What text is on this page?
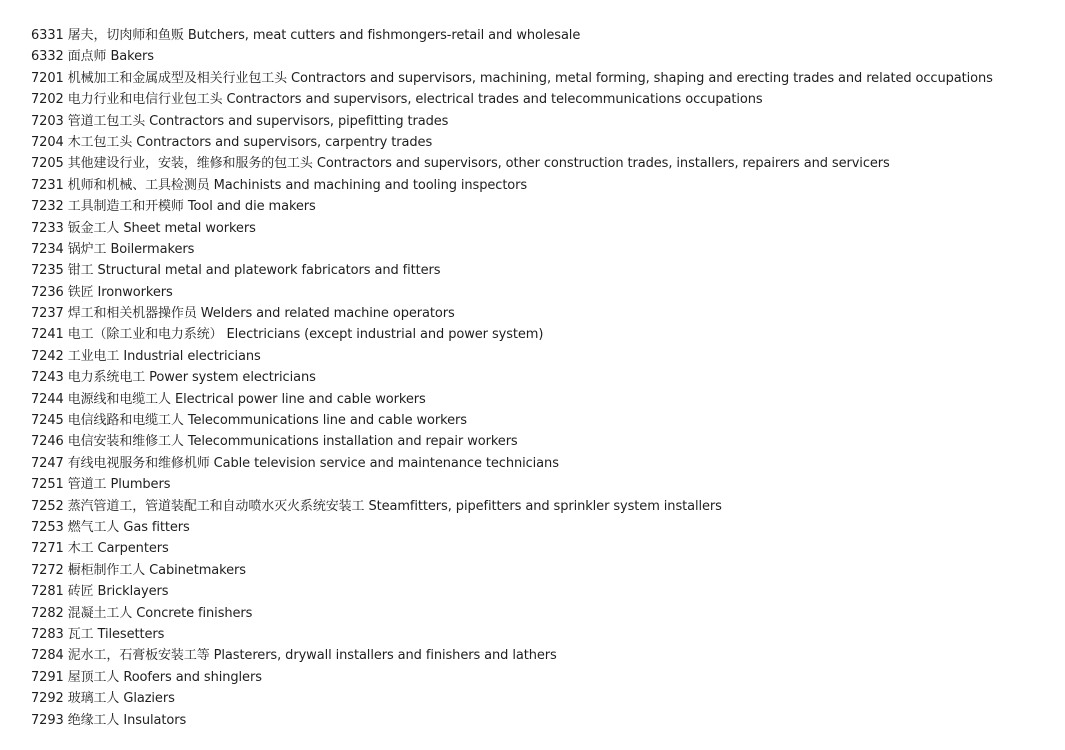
6331 屠夫，切肉师和鱼贩 Butchers, meat cutters and fishmongers-retail and wholesale
6332 面点师 Bakers
7201 机械加工和金属成型及相关行业包工头 Contractors and supervisors, machining, metal forming, shaping and erecting trades and related occupations
7202 电力行业和电信行业包工头 Contractors and supervisors, electrical trades and telecommunications occupations
7203 管道工包工头 Contractors and supervisors, pipefitting trades
7204 木工包工头 Contractors and supervisors, carpentry trades
7205 其他建设行业，安装，维修和服务的包工头 Contractors and supervisors, other construction trades, installers, repairers and servicers
7231 机师和机械、工具检测员 Machinists and machining and tooling inspectors
7232 工具制造工和开模师 Tool and die makers
7233 钣金工人 Sheet metal workers
7234 锅炉工 Boilermakers
7235 钳工 Structural metal and platework fabricators and fitters
7236 铁匠 Ironworkers
7237 焊工和相关机器操作员 Welders and related machine operators
7241 电工（除工业和电力系统） Electricians (except industrial and power system)
7242 工业电工 Industrial electricians
7243 电力系统电工 Power system electricians
7244 电源线和电缆工人 Electrical power line and cable workers
7245 电信线路和电缆工人 Telecommunications line and cable workers
7246 电信安装和维修工人 Telecommunications installation and repair workers
7247 有线电视服务和维修机师 Cable television service and maintenance technicians
7251 管道工 Plumbers
7252 蒸汽管道工，管道装配工和自动喷水灭火系统安装工 Steamfitters, pipefitters and sprinkler system installers
7253 燃气工人 Gas fitters
7271 木工 Carpenters
7272 橱柜制作工人 Cabinetmakers
7281 砖匠 Bricklayers
7282 混凝土工人 Concrete finishers
7283 瓦工 Tilesetters
7284 泥水工，石膏板安装工等 Plasterers, drywall installers and finishers and lathers
7291 屋顶工人 Roofers and shinglers
7292 玻璃工人 Glaziers
7293 绝缘工人 Insulators
